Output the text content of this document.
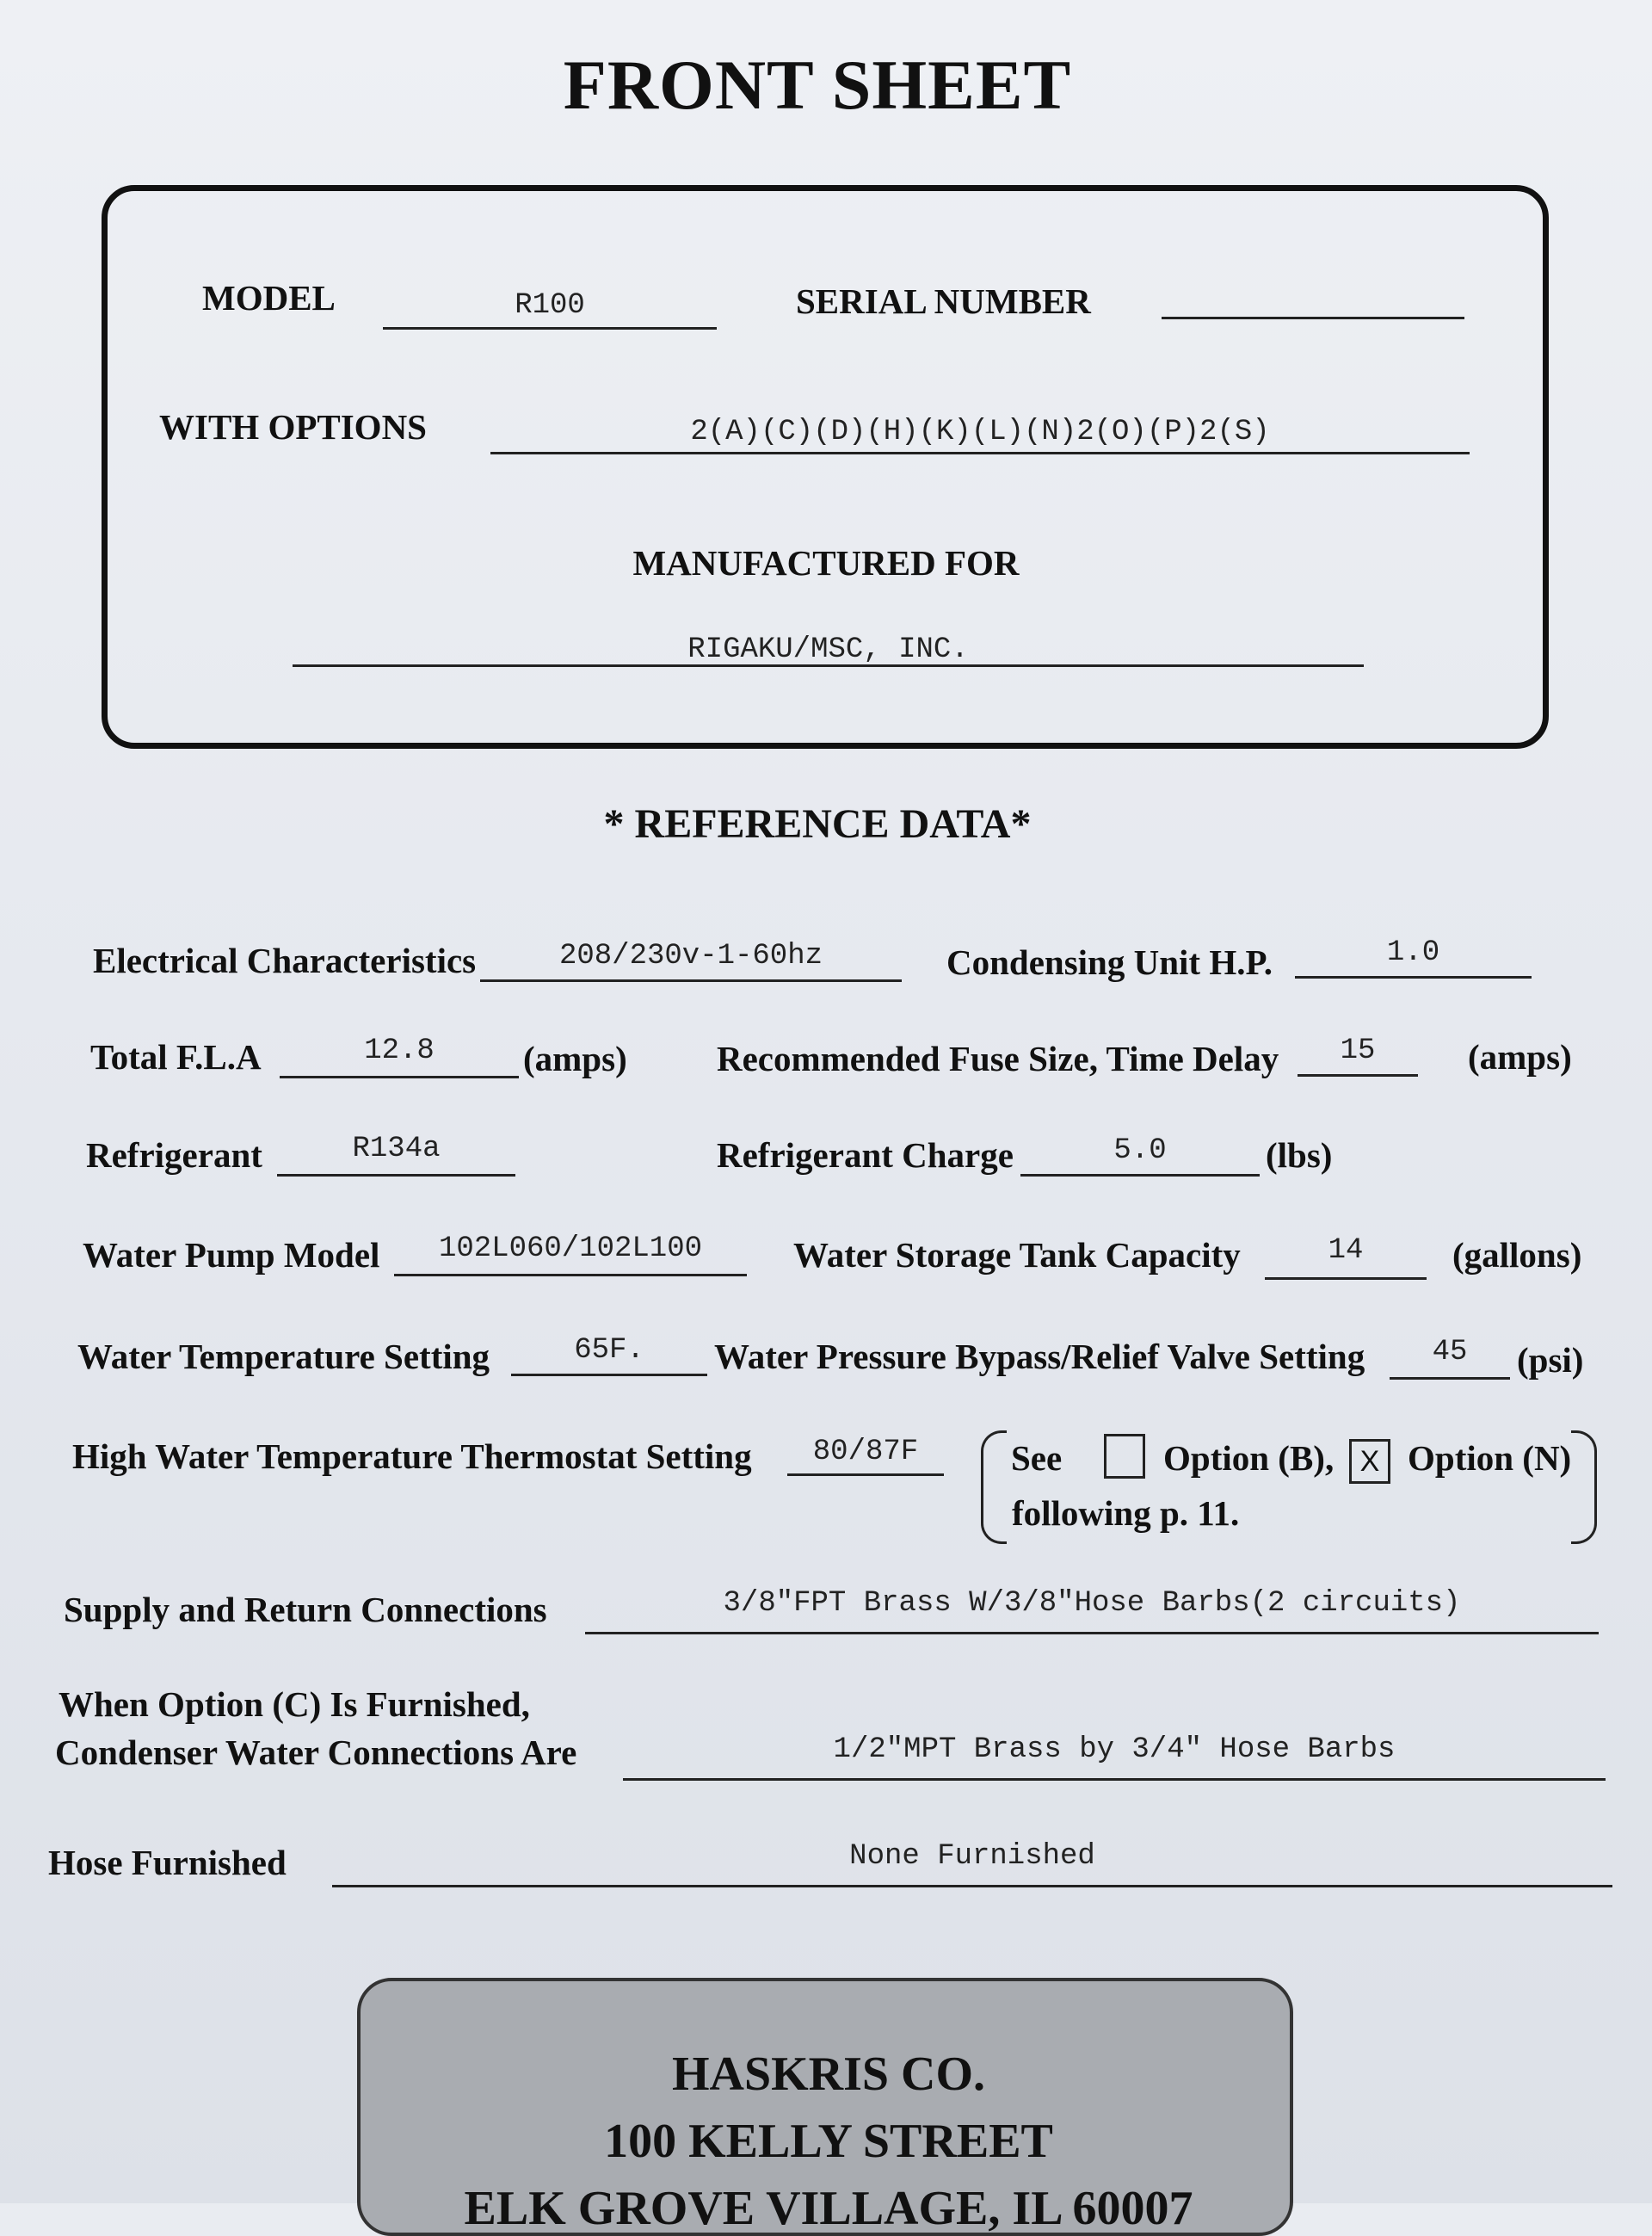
FRONT SHEET
MODEL	R100	SERIAL NUMBER
WITH OPTIONS	2(A)(C)(D)(H)(K)(L)(N)2(O)(P)2(S)
MANUFACTURED FOR
RIGAKU/MSC, INC.
* REFERENCE DATA*
Electrical Characteristics	208/230v-1-60hz	Condensing Unit H.P.	1.0
Total F.L.A	12.8	(amps)	Recommended Fuse Size, Time Delay	15	(amps)
Refrigerant	R134a	Refrigerant Charge	5.0	(lbs)
Water Pump Model	102L060/102L100	Water Storage Tank Capacity	14	(gallons)
Water Temperature Setting	65F.	Water Pressure Bypass/Relief Valve Setting	45	(psi)
High Water Temperature Thermostat Setting	80/87F	See	Option (B), X Option (N)
following p. 11.
Supply and Return Connections	3/8"FPT Brass W/3/8"Hose Barbs(2 circuits)
When Option (C) Is Furnished,
Condenser Water Connections Are	1/2"MPT Brass by 3/4" Hose Barbs
Hose Furnished	None Furnished
HASKRIS CO.
100 KELLY STREET
ELK GROVE VILLAGE, IL 60007
